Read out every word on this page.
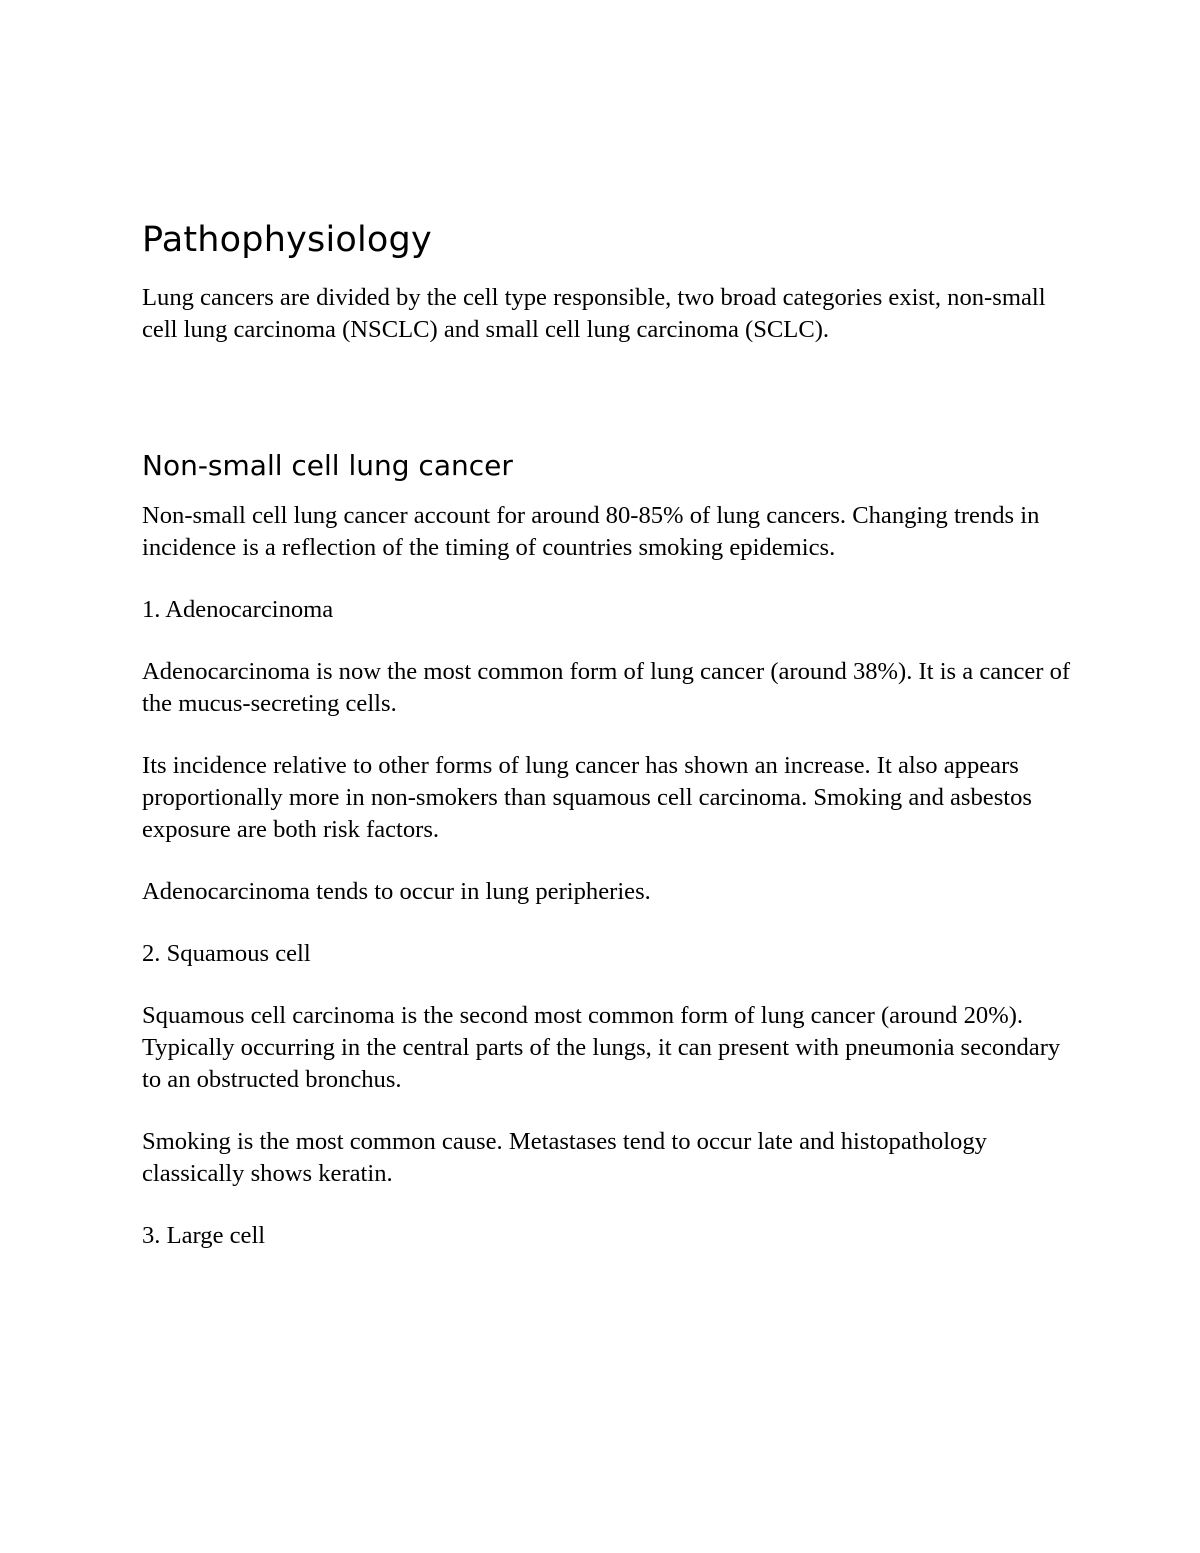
Pathophysiology

Lung cancers are divided by the cell type responsible, two broad categories exist, non-small cell lung carcinoma (NSCLC) and small cell lung carcinoma (SCLC).

Non-small cell lung cancer

Non-small cell lung cancer account for around 80-85% of lung cancers. Changing trends in incidence is a reflection of the timing of countries smoking epidemics.

1. Adenocarcinoma

Adenocarcinoma is now the most common form of lung cancer (around 38%). It is a cancer of the mucus-secreting cells.

Its incidence relative to other forms of lung cancer has shown an increase. It also appears proportionally more in non-smokers than squamous cell carcinoma. Smoking and asbestos exposure are both risk factors.

Adenocarcinoma tends to occur in lung peripheries.

2. Squamous cell

Squamous cell carcinoma is the second most common form of lung cancer (around 20%). Typically occurring in the central parts of the lungs, it can present with pneumonia secondary to an obstructed bronchus.

Smoking is the most common cause. Metastases tend to occur late and histopathology classically shows keratin.

3. Large cell
